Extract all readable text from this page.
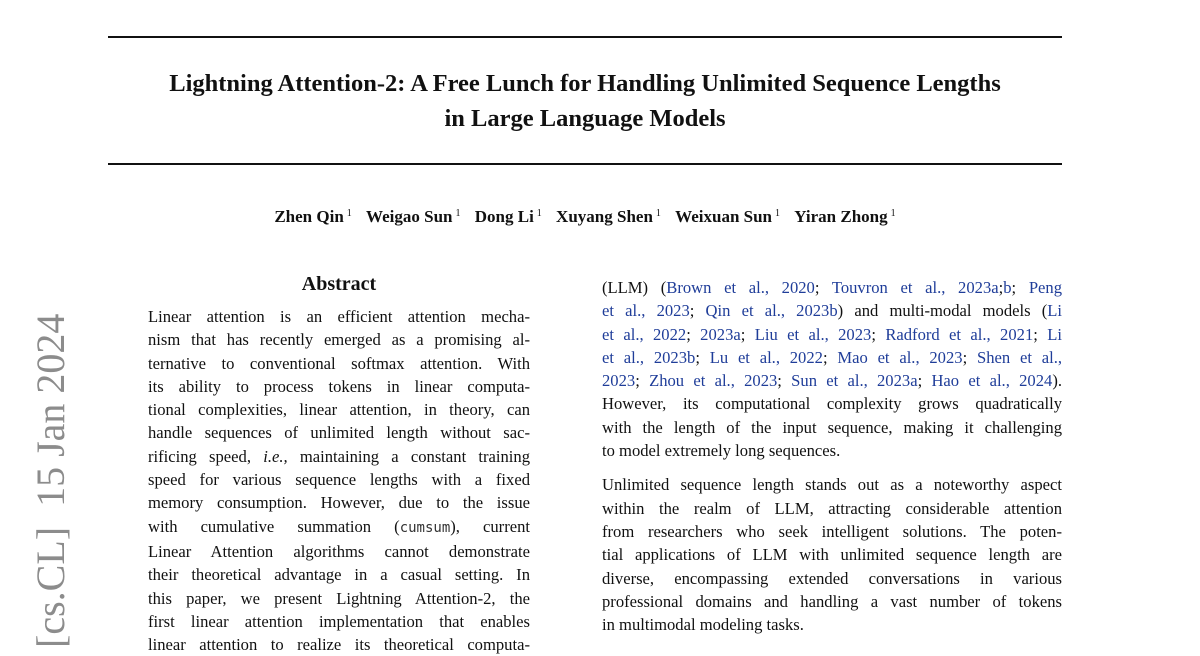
[cs.CL]  15 Jan 2024
Lightning Attention-2: A Free Lunch for Handling Unlimited Sequence Lengths
in Large Language Models
Zhen Qin $^1$ Weigao Sun $^1$ Dong Li $^1$ Xuyang Shen $^1$ Weixuan Sun $^1$ Yiran Zhong $^1$
Abstract
Linear attention is an efficient attention mecha-
nism that has recently emerged as a promising al-
ternative to conventional softmax attention. With
its ability to process tokens in linear computa-
tional complexities, linear attention, in theory, can
handle sequences of unlimited length without sac-
rificing speed, i.e., maintaining a constant training
speed for various sequence lengths with a fixed
memory consumption. However, due to the issue
with cumulative summation (cumsum), current
Linear Attention algorithms cannot demonstrate
their theoretical advantage in a casual setting. In
this paper, we present Lightning Attention-2, the
first linear attention implementation that enables
linear attention to realize its theoretical computa-
(LLM) (Brown et al., 2020; Touvron et al., 2023a;b; Peng
et al., 2023; Qin et al., 2023b) and multi-modal models (Li
et al., 2022; 2023a; Liu et al., 2023; Radford et al., 2021; Li
et al., 2023b; Lu et al., 2022; Mao et al., 2023; Shen et al.,
2023; Zhou et al., 2023; Sun et al., 2023a; Hao et al., 2024).
However, its computational complexity grows quadratically
with the length of the input sequence, making it challenging
to model extremely long sequences.
Unlimited sequence length stands out as a noteworthy aspect
within the realm of LLM, attracting considerable attention
from researchers who seek intelligent solutions. The poten-
tial applications of LLM with unlimited sequence length are
diverse, encompassing extended conversations in various
professional domains and handling a vast number of tokens
in multimodal modeling tasks.
